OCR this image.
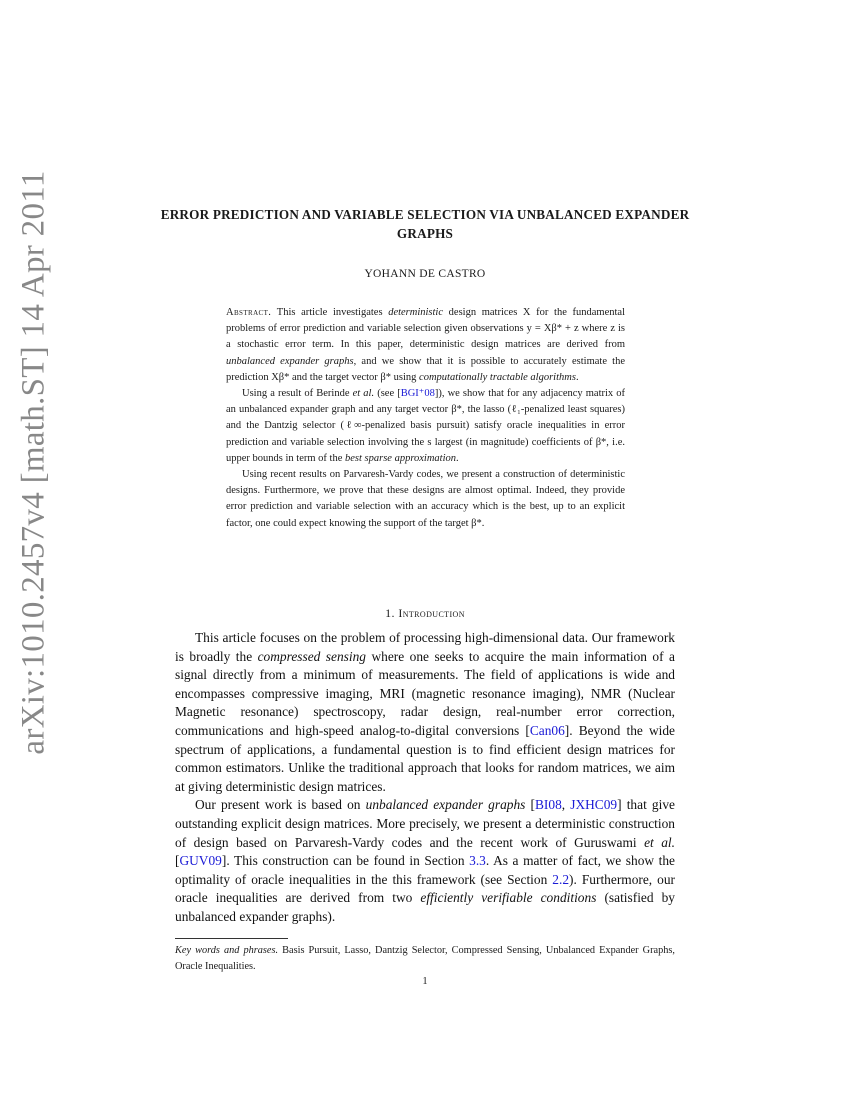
arXiv:1010.2457v4 [math.ST] 14 Apr 2011	ERROR PREDICTION AND VARIABLE SELECTION VIA UNBALANCED EXPANDER GRAPHS
YOHANN DE CASTRO

Abstract. This article investigates deterministic design matrices X for the fundamental problems of error prediction and variable selection given observations y = Xβ* + z where z is a stochastic error term. In this paper, deterministic design matrices are derived from unbalanced expander graphs, and we show that it is possible to accurately estimate the prediction Xβ* and the target vector β* using computationally tractable algorithms.

Using a result of Berinde et al. (see [BGI⁺08]), we show that for any adjacency matrix of an unbalanced expander graph and any target vector β*, the lasso (ℓ₁-penalized least squares) and the Dantzig selector (ℓ∞-penalized basis pursuit) satisfy oracle inequalities in error prediction and variable selection involving the s largest (in magnitude) coefficients of β*, i.e. upper bounds in term of the best sparse approximation.

Using recent results on Parvaresh-Vardy codes, we present a construction of deterministic designs. Furthermore, we prove that these designs are almost optimal. Indeed, they provide error prediction and variable selection with an accuracy which is the best, up to an explicit factor, one could expect knowing the support of the target β*.

1. Introduction

This article focuses on the problem of processing high-dimensional data. Our framework is broadly the compressed sensing where one seeks to acquire the main information of a signal directly from a minimum of measurements. The field of applications is wide and encompasses compressive imaging, MRI (magnetic resonance imaging), NMR (Nuclear Magnetic resonance) spectroscopy, radar design, real-number error correction, communications and high-speed analog-to-digital conversions [Can06]. Beyond the wide spectrum of applications, a fundamental question is to find efficient design matrices for common estimators. Unlike the traditional approach that looks for random matrices, we aim at giving deterministic design matrices.

Our present work is based on unbalanced expander graphs [BI08, JXHC09] that give outstanding explicit design matrices. More precisely, we present a deterministic construction of design based on Parvaresh-Vardy codes and the recent work of Guruswami et al. [GUV09]. This construction can be found in Section 3.3. As a matter of fact, we show the optimality of oracle inequalities in the this framework (see Section 2.2). Furthermore, our oracle inequalities are derived from two efficiently verifiable conditions (satisfied by unbalanced expander graphs).

Key words and phrases. Basis Pursuit, Lasso, Dantzig Selector, Compressed Sensing, Unbalanced Expander Graphs, Oracle Inequalities.
1
